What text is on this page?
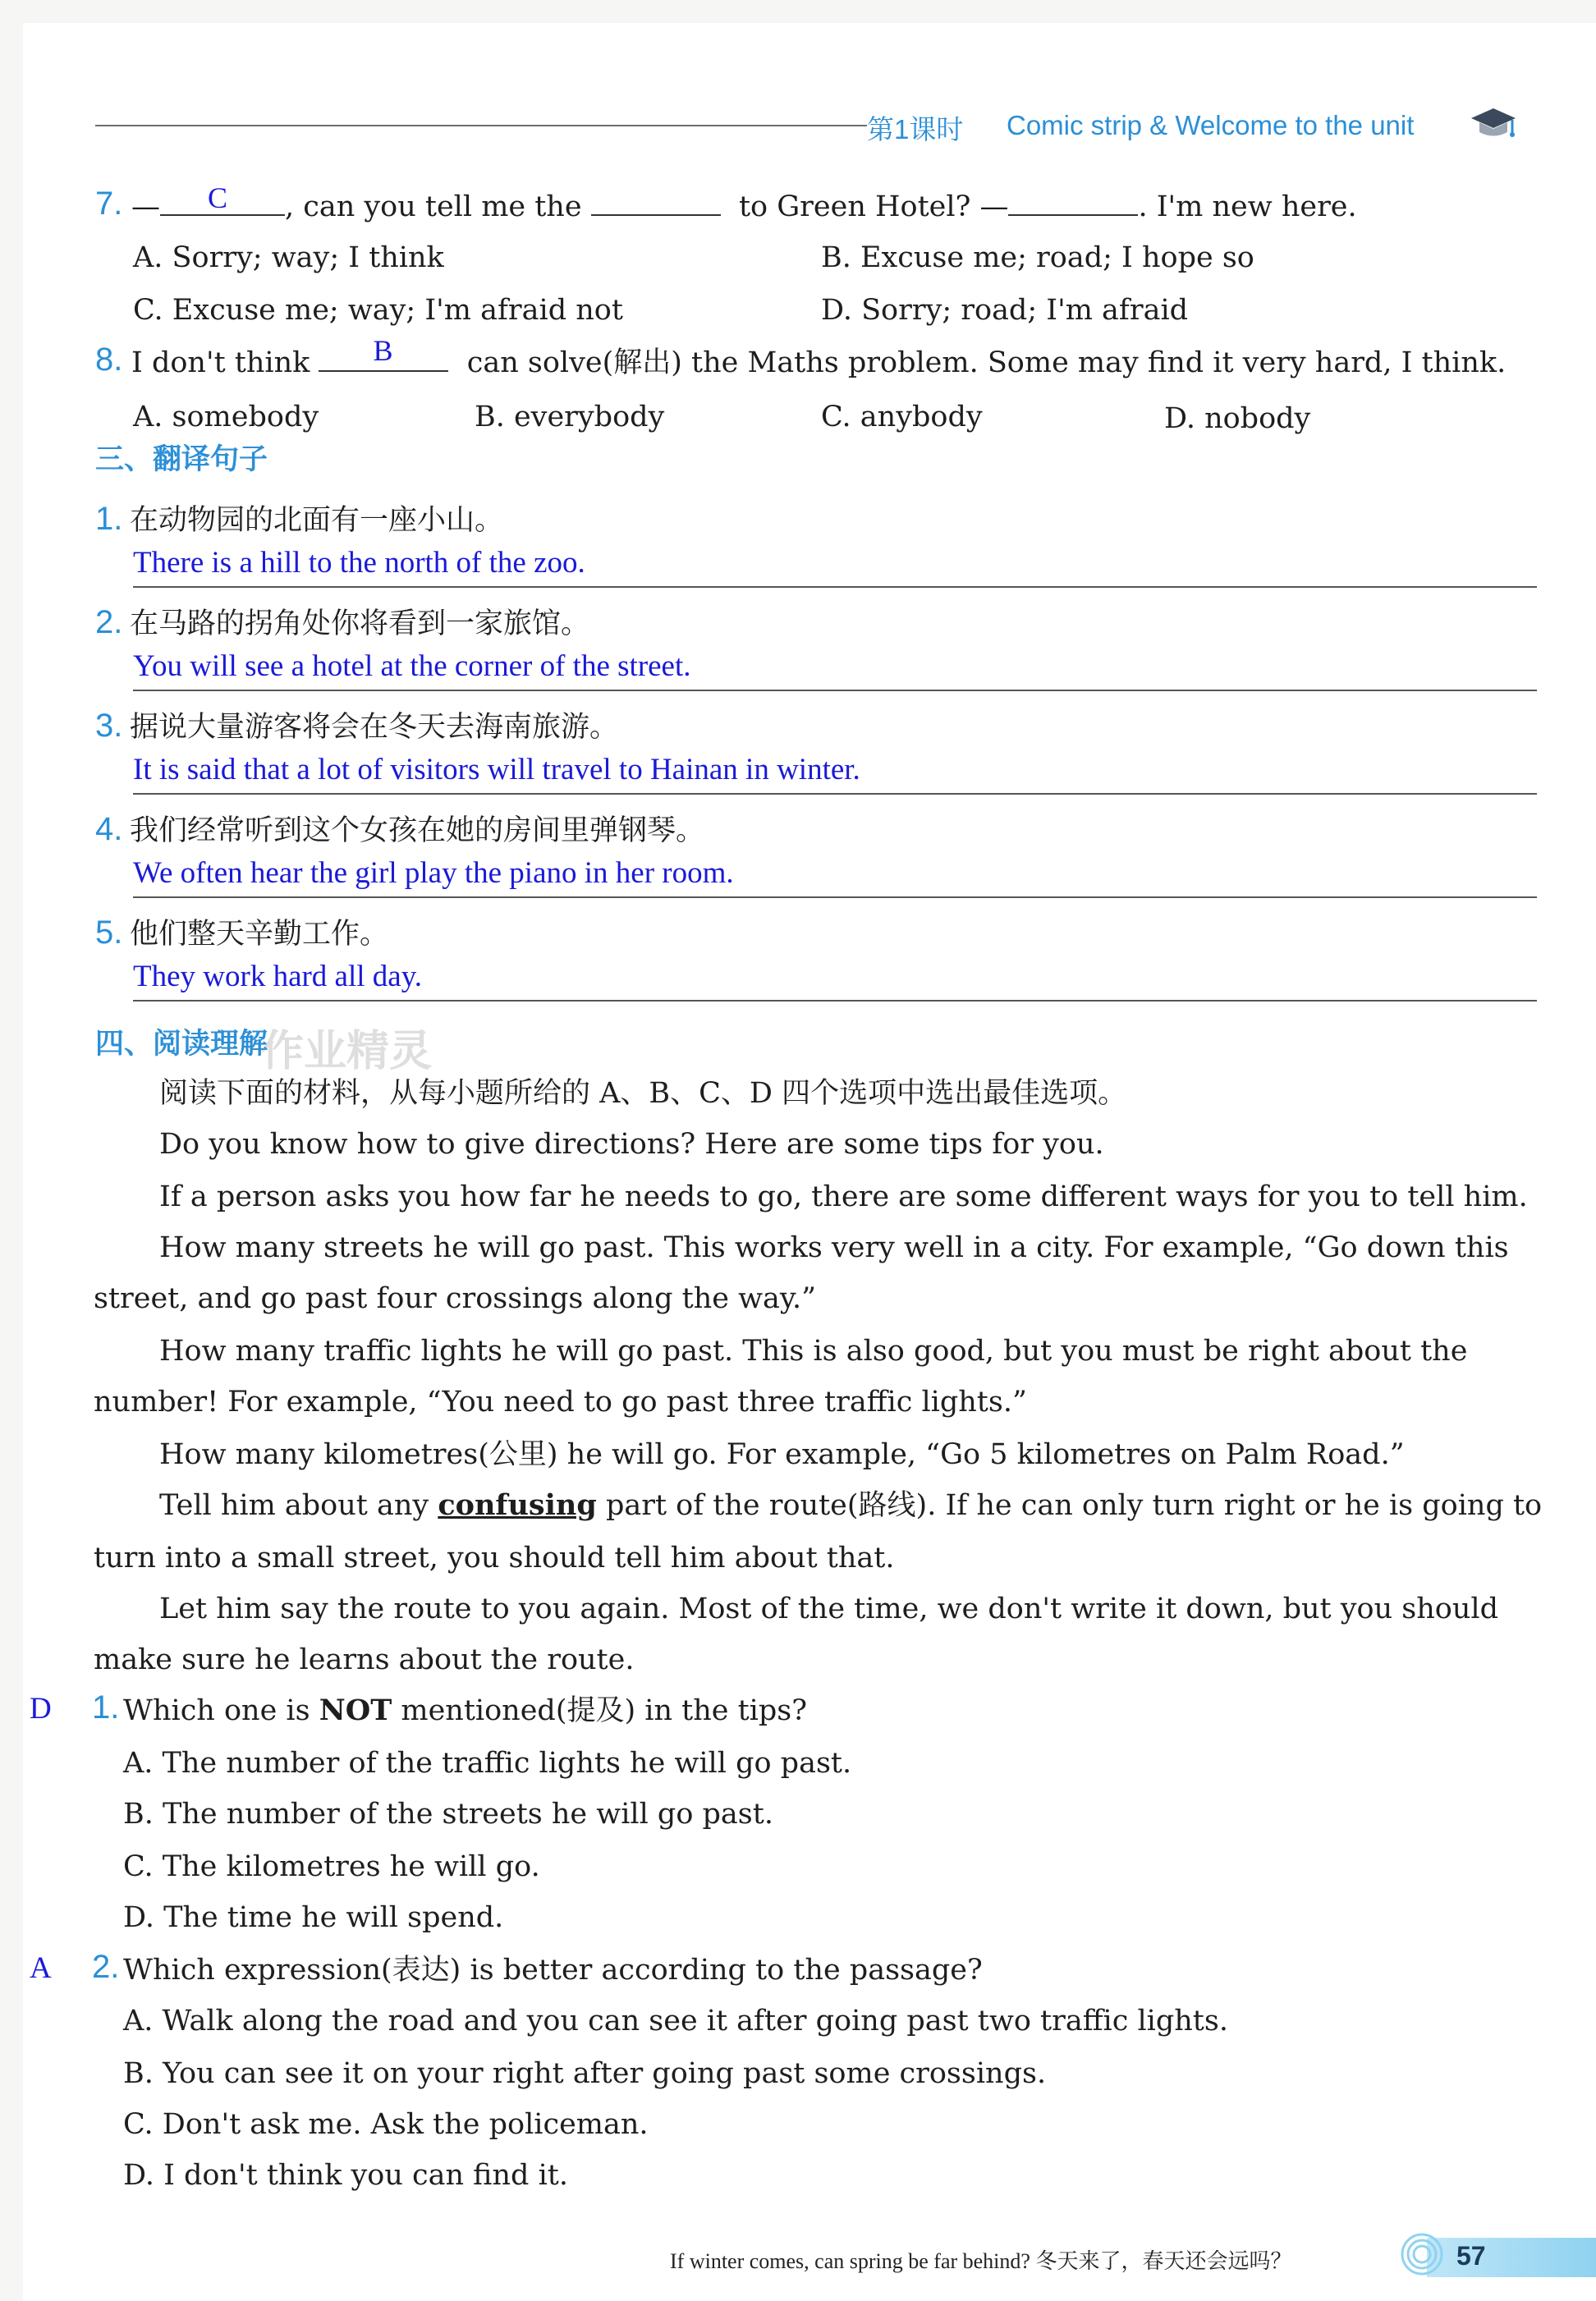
第1课时 Comic strip & Welcome to the unit
7. — C , can you tell me the	to Green Hotel? —	. I'm new here.
A. Sorry; way; I think	B. Excuse me; road; I hope so
C. Excuse me; way; I'm afraid not	D. Sorry; road; I'm afraid
8. I don't think B	can solve(解出) the Maths problem. Some may find it very hard, I think.
A. somebody	B. everybody	C. anybody	D. nobody
三、翻译句子
1. 在动物园的北面有一座小山。
There is a hill to the north of the zoo.
2. 在马路的拐角处你将看到一家旅馆。
You will see a hotel at the corner of the street.
3. 据说大量游客将会在冬天去海南旅游。
It is said that a lot of visitors will travel to Hainan in winter.
4. 我们经常听到这个女孩在她的房间里弹钢琴。
We often hear the girl play the piano in her room.
5. 他们整天辛勤工作。
They work hard all day.
四、阅读理解
作业精灵
阅读下面的材料，从每小题所给的 A、B、C、D 四个选项中选出最佳选项。
Do you know how to give directions? Here are some tips for you.
If a person asks you how far he needs to go, there are some different ways for you to tell him.
How many streets he will go past. This works very well in a city. For example, “Go down this
street, and go past four crossings along the way.”
How many traffic lights he will go past. This is also good, but you must be right about the
number! For example, “You need to go past three traffic lights.”
How many kilometres(公里) he will go. For example, “Go 5 kilometres on Palm Road.”
Tell him about any confusing part of the route(路线). If he can only turn right or he is going to
turn into a small street, you should tell him about that.
Let him say the route to you again. Most of the time, we don't write it down, but you should
make sure he learns about the route.
D 1. Which one is NOT mentioned(提及) in the tips?
A. The number of the traffic lights he will go past.
B. The number of the streets he will go past.
C. The kilometres he will go.
D. The time he will spend.
A 2. Which expression(表达) is better according to the passage?
A. Walk along the road and you can see it after going past two traffic lights.
B. You can see it on your right after going past some crossings.
C. Don't ask me. Ask the policeman.
D. I don't think you can find it.
If winter comes, can spring be far behind? 冬天来了，春天还会远吗？	57
